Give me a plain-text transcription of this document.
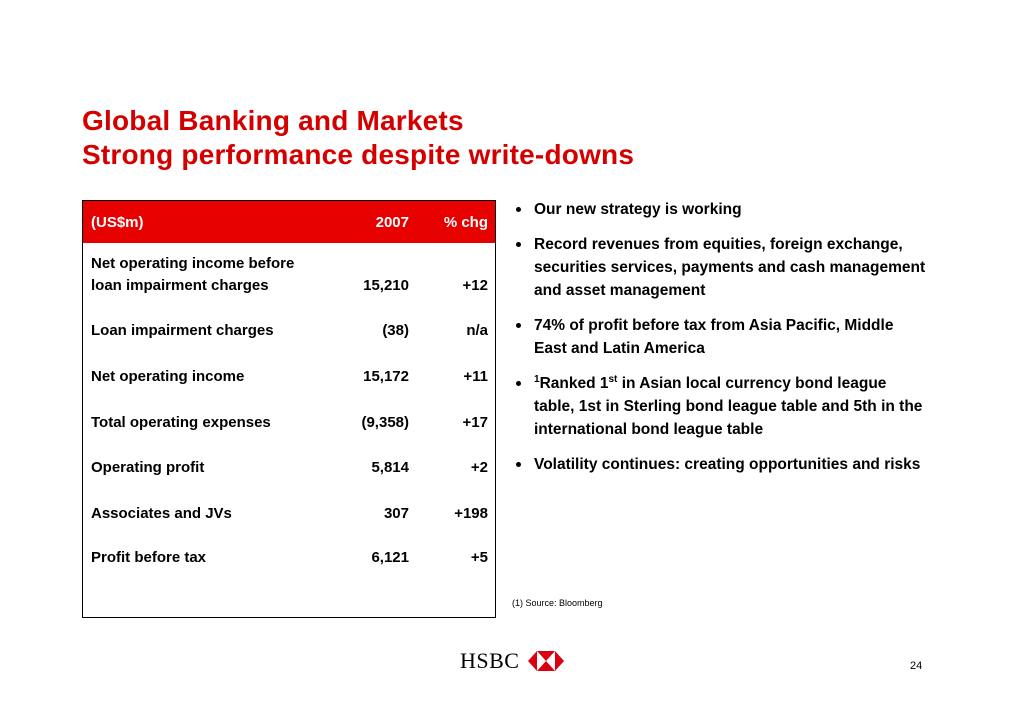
Global Banking and Markets
Strong performance despite write-downs
(US$m)	2007 % chg
Net operating income before
loan impairment charges	15,210	+12
Loan impairment charges	(38)	n/a
Net operating income	15,172	+11
Total operating expenses	(9,358)	+17
Operating profit	5,814	+2
Associates and JVs	307	+198
Profit before tax	6,121	+5
Our new strategy is working
Record revenues from equities, foreign exchange, securities services, payments and cash management and asset management
74% of profit before tax from Asia Pacific, Middle East and Latin America
$^1$Ranked 1st in Asian local currency bond league table, 1st in Sterling bond league table and 5th in the international bond league table
Volatility continues: creating opportunities and risks
(1) Source: Bloomberg
HSBC	24
